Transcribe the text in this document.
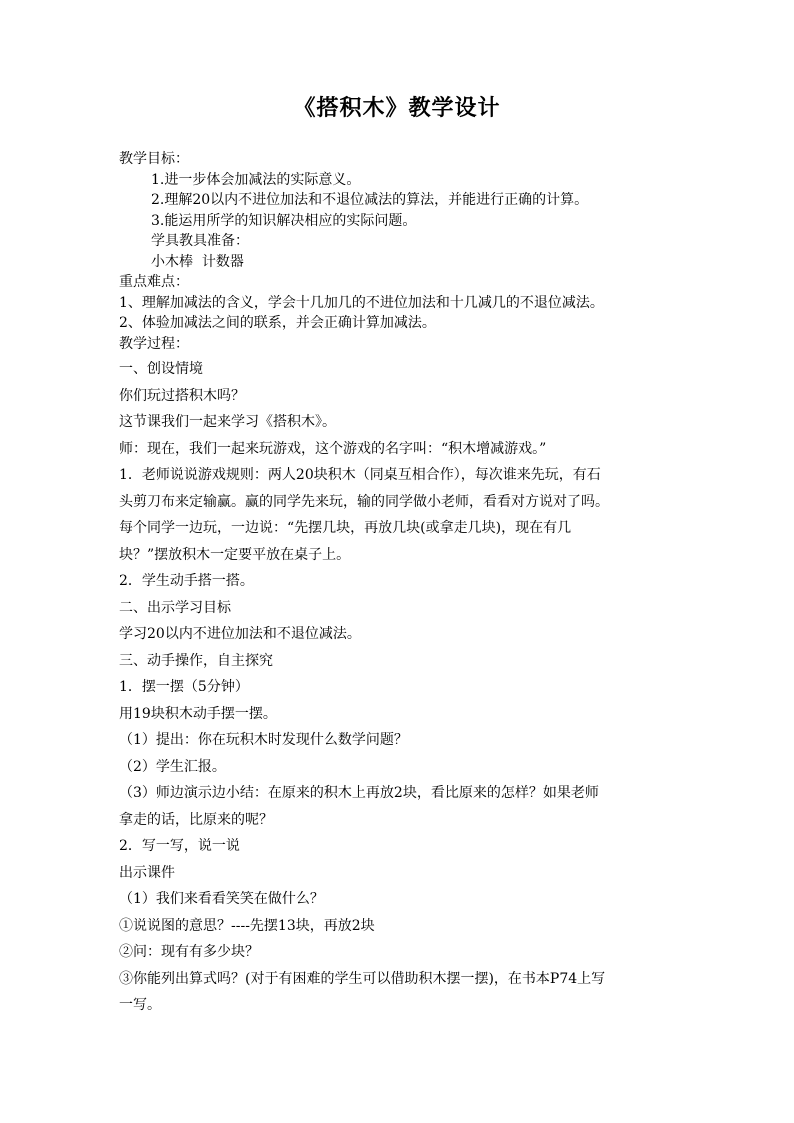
《搭积木》教学设计

教学目标：

1.进一步体会加减法的实际意义。

2.理解20以内不进位加法和不退位减法的算法，并能进行正确的计算。

3.能运用所学的知识解决相应的实际问题。

学具教具准备：

小木棒  计数器

重点难点：

1、理解加减法的含义，学会十几加几的不进位加法和十几减几的不退位减法。

2、体验加减法之间的联系，并会正确计算加减法。

教学过程：

一、创设情境

你们玩过搭积木吗？

这节课我们一起来学习《搭积木》。

师：现在，我们一起来玩游戏，这个游戏的名字叫：“积木增减游戏。”

1．老师说说游戏规则：两人20块积木（同桌互相合作），每次谁来先玩，有石

头剪刀布来定输赢。赢的同学先来玩，输的同学做小老师，看看对方说对了吗。

每个同学一边玩，一边说：“先摆几块，再放几块(或拿走几块)，现在有几

块？”摆放积木一定要平放在桌子上。

2．学生动手搭一搭。

二、出示学习目标

学习20以内不进位加法和不退位减法。

三、动手操作，自主探究

1．摆一摆（5分钟）

用19块积木动手摆一摆。

（1）提出：你在玩积木时发现什么数学问题？

（2）学生汇报。

（3）师边演示边小结：在原来的积木上再放2块，看比原来的怎样？如果老师

拿走的话，比原来的呢？

2．写一写，说一说

出示课件

（1）我们来看看笑笑在做什么？

①说说图的意思？----先摆13块，再放2块

②问：现有有多少块？

③你能列出算式吗？(对于有困难的学生可以借助积木摆一摆)，在书本P74上写

一写。
